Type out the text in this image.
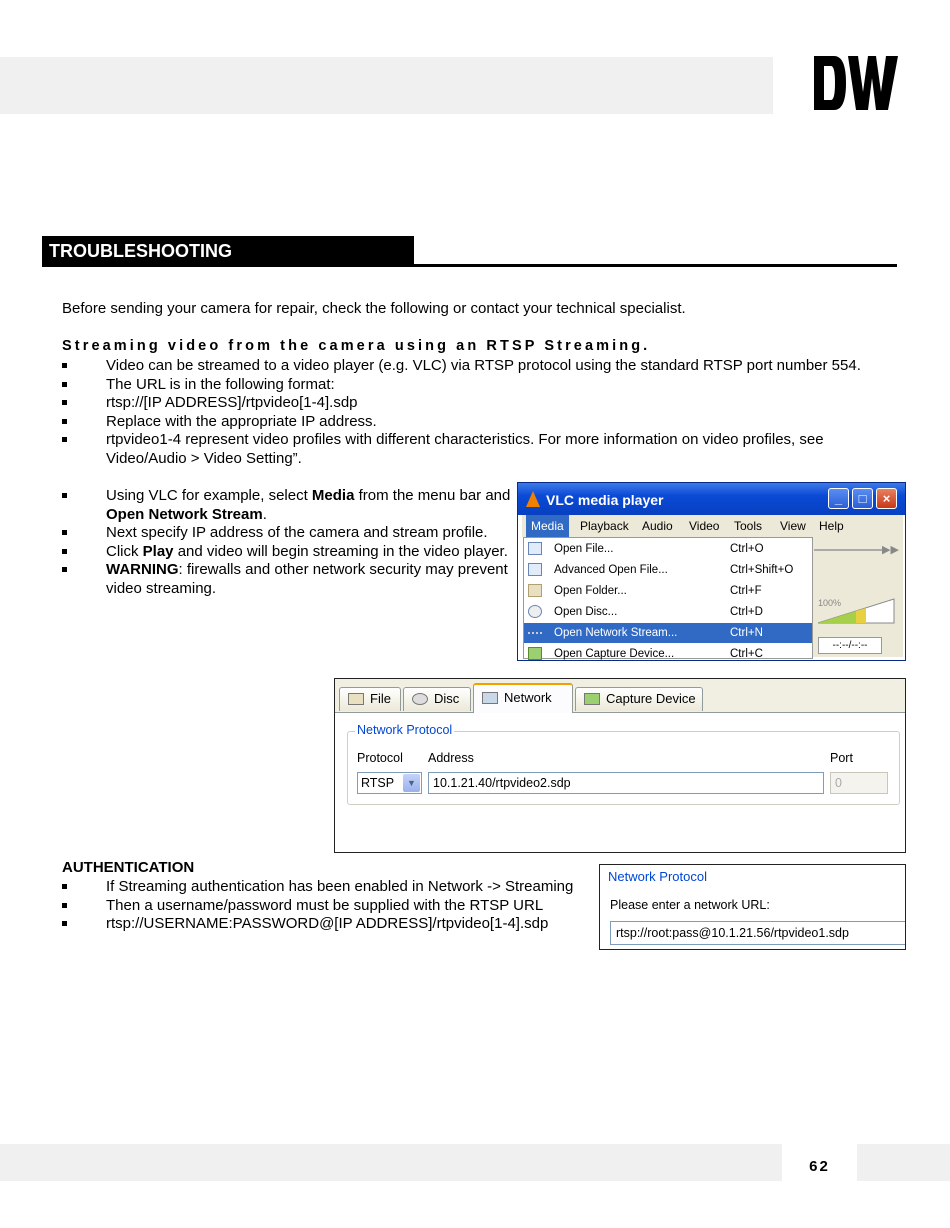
TROUBLESHOOTING
Before sending your camera for repair, check the following or contact your technical specialist.
Streaming video from the camera using an RTSP Streaming.
Video can be streamed to a video player (e.g. VLC) via RTSP protocol using the standard RTSP port number 554.
The URL is in the following format:
rtsp://[IP ADDRESS]/rtpvideo[1-4].sdp
Replace with the appropriate IP address.
rtpvideo1-4 represent video profiles with different characteristics. For more information on video profiles, see Video/Audio > Video Setting”.
Using VLC for example, select Media from the menu bar and Open Network Stream.
Next specify IP address of the camera and stream profile.
Click Play and video will begin streaming in the video player.
WARNING: firewalls and other network security may prevent video streaming.
VLC media player	_	□	×
Media	Playback	Audio	Video	Tools	View	Help
▶▶
100%
--:--/--:--
Open File...	Ctrl+O
Advanced Open File...	Ctrl+Shift+O
Open Folder...	Ctrl+F
Open Disc...	Ctrl+D
Open Network Stream...	Ctrl+N
Open Capture Device...	Ctrl+C
File	Disc	Network	Capture Device
Network Protocol
Protocol Address	Port
RTSP	▼	10.1.21.40/rtpvideo2.sdp	0
AUTHENTICATION
If Streaming authentication has been enabled in Network -> Streaming
Then a username/password must be supplied with the RTSP URL
rtsp://USERNAME:PASSWORD@[IP ADDRESS]/rtpvideo[1-4].sdp
Network Protocol
Please enter a network URL:
rtsp://root:pass@10.1.21.56/rtpvideo1.sdp
62
